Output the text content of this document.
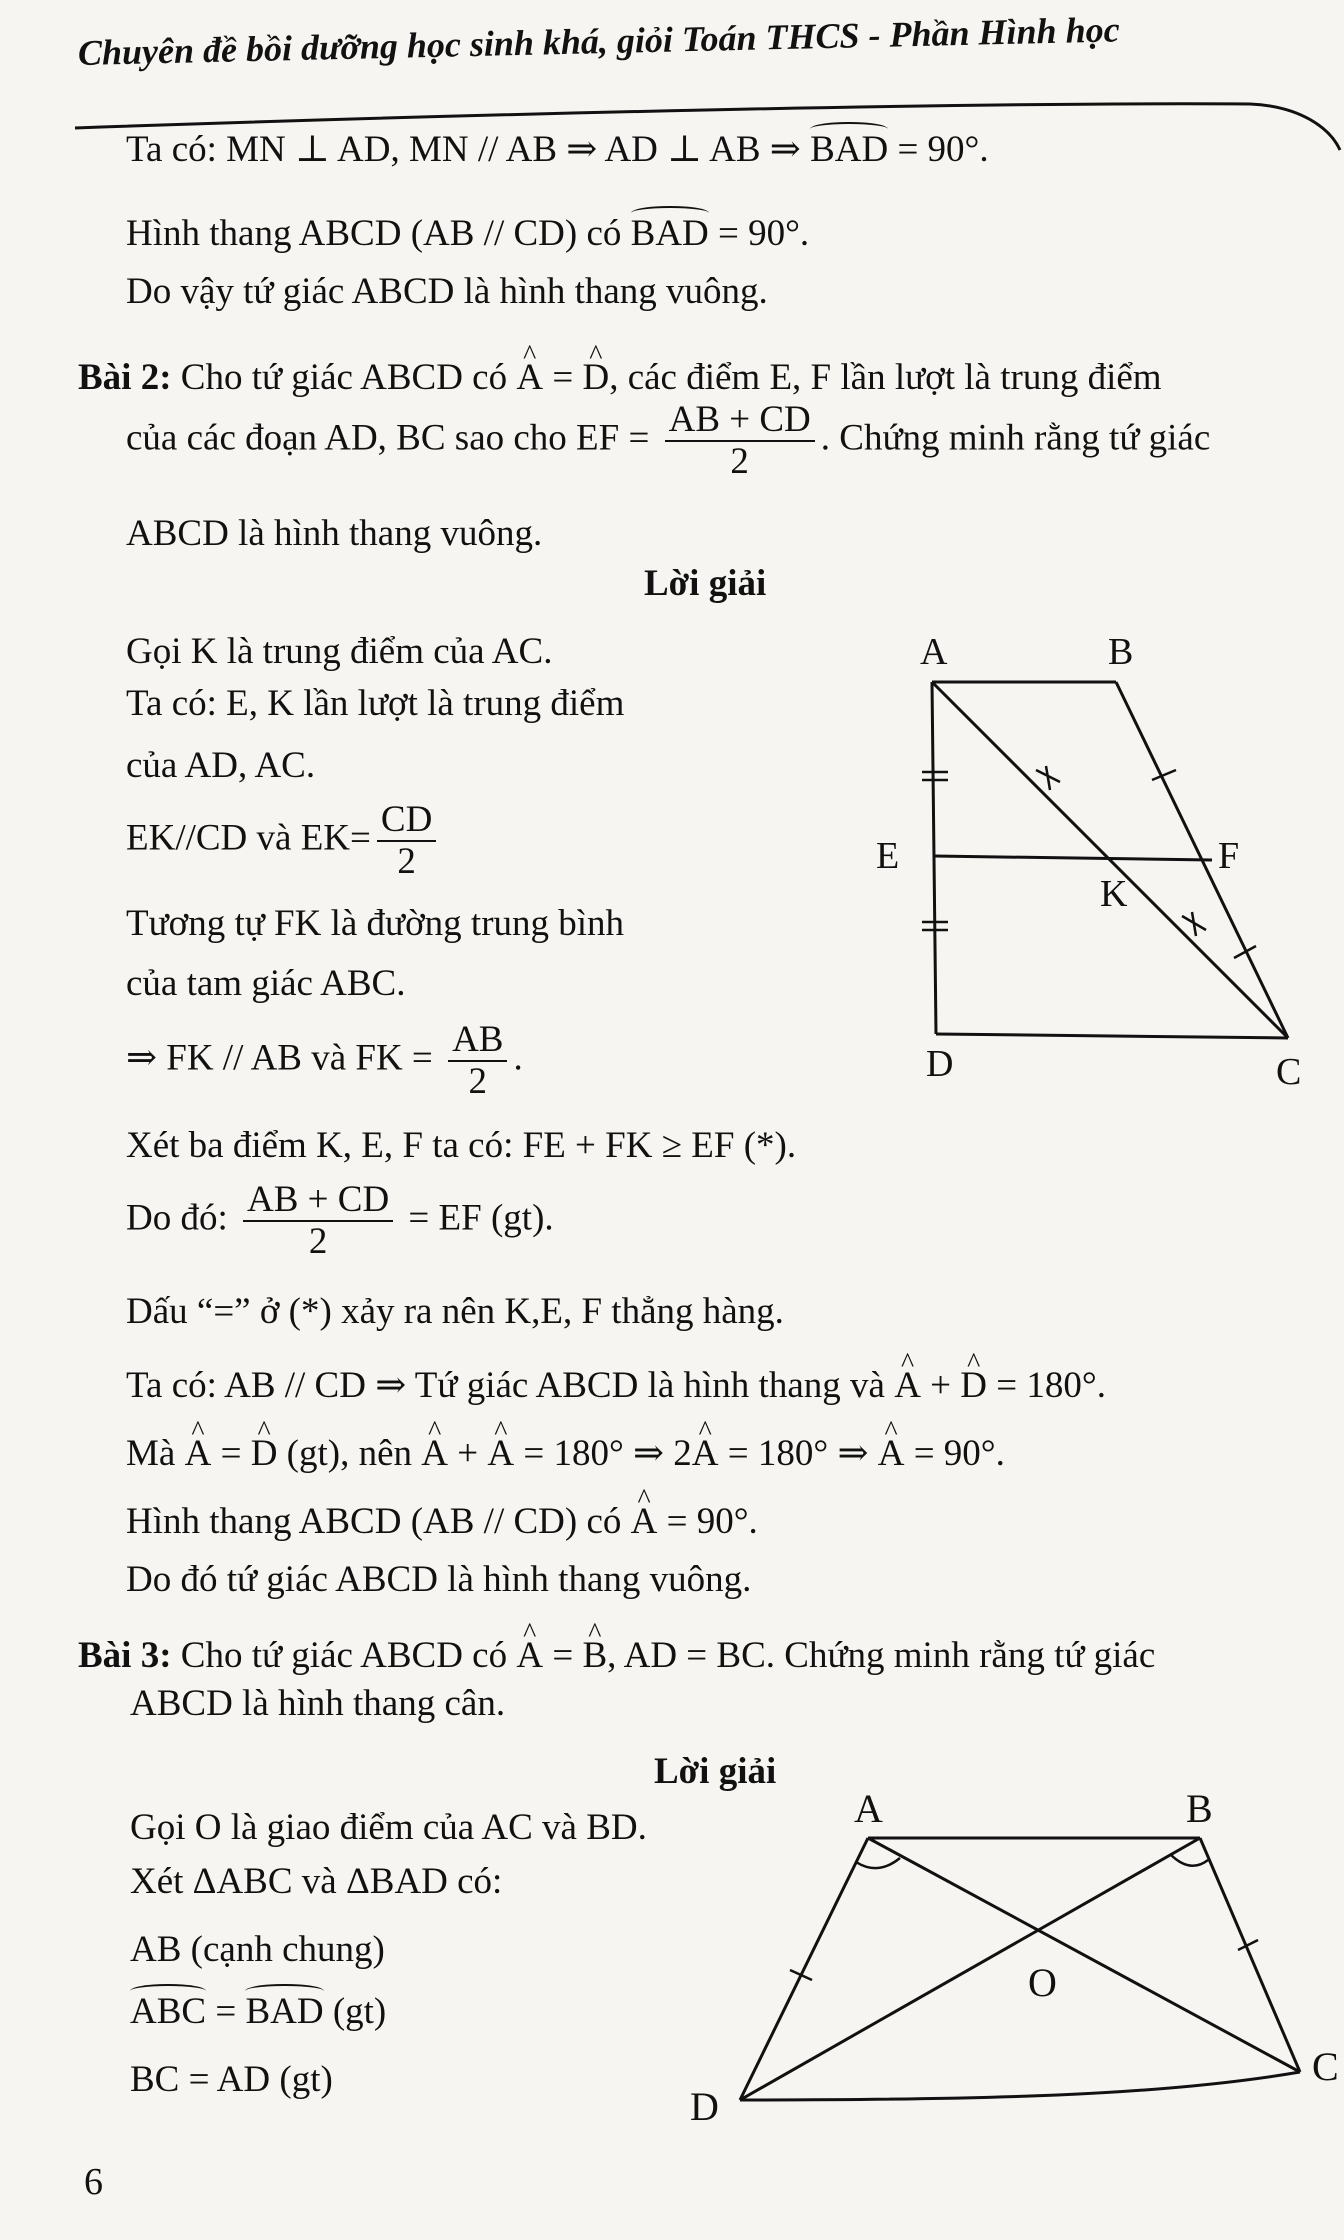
Chuyên đề bồi dưỡng học sinh khá, giỏi Toán THCS - Phần Hình học
Ta có: MN ⊥ AD, MN // AB ⇒ AD ⊥ AB ⇒ BAD = 90°.
Hình thang ABCD (AB // CD) có BAD = 90°.
Do vậy tứ giác ABCD là hình thang vuông.
Bài 2: Cho tứ giác ABCD có ^ A = ^ D, các điểm E, F lần lượt là trung điểm
của các đoạn AD, BC sao cho EF = $\frac{AB + CD}{2}$ . Chứng minh rằng tứ giác
ABCD là hình thang vuông.
Lời giải
Gọi K là trung điểm của AC.
Ta có: E, K lần lượt là trung điểm
của AD, AC.
EK//CD và $EK= \frac{CD}{2}$
Tương tự FK là đường trung bình
của tam giác ABC.
⇒ FK // AB và FK = $\frac{AB}{2}$ .
Xét ba điểm K, E, F ta có: FE + FK ≥ EF (*).
Do đó: $\frac{AB + CD}{2}$ = EF (gt).
Dấu “=” ở (*) xảy ra nên K,E, F thẳng hàng.
Ta có: AB // CD ⇒ Tứ giác ABCD là hình thang và ^ A + ^ D = 180°.
Mà ^ A = ^ D (gt), nên ^ A + ^ A = 180° ⇒ 2^ A = 180° ⇒ ^ A = 90°.
Hình thang ABCD (AB // CD) có ^ A = 90°.
Do đó tứ giác ABCD là hình thang vuông.
A	B
C
D
E	F
K
Bài 3: Cho tứ giác ABCD có ^ A = ^ B, AD = BC. Chứng minh rằng tứ giác
ABCD là hình thang cân.
Lời giải
Gọi O là giao điểm của AC và BD.
Xét ΔABC và ΔBAD có:
AB (cạnh chung)
ABC = BAD (gt)
BC = AD (gt)
A	B
C
D
O
6
